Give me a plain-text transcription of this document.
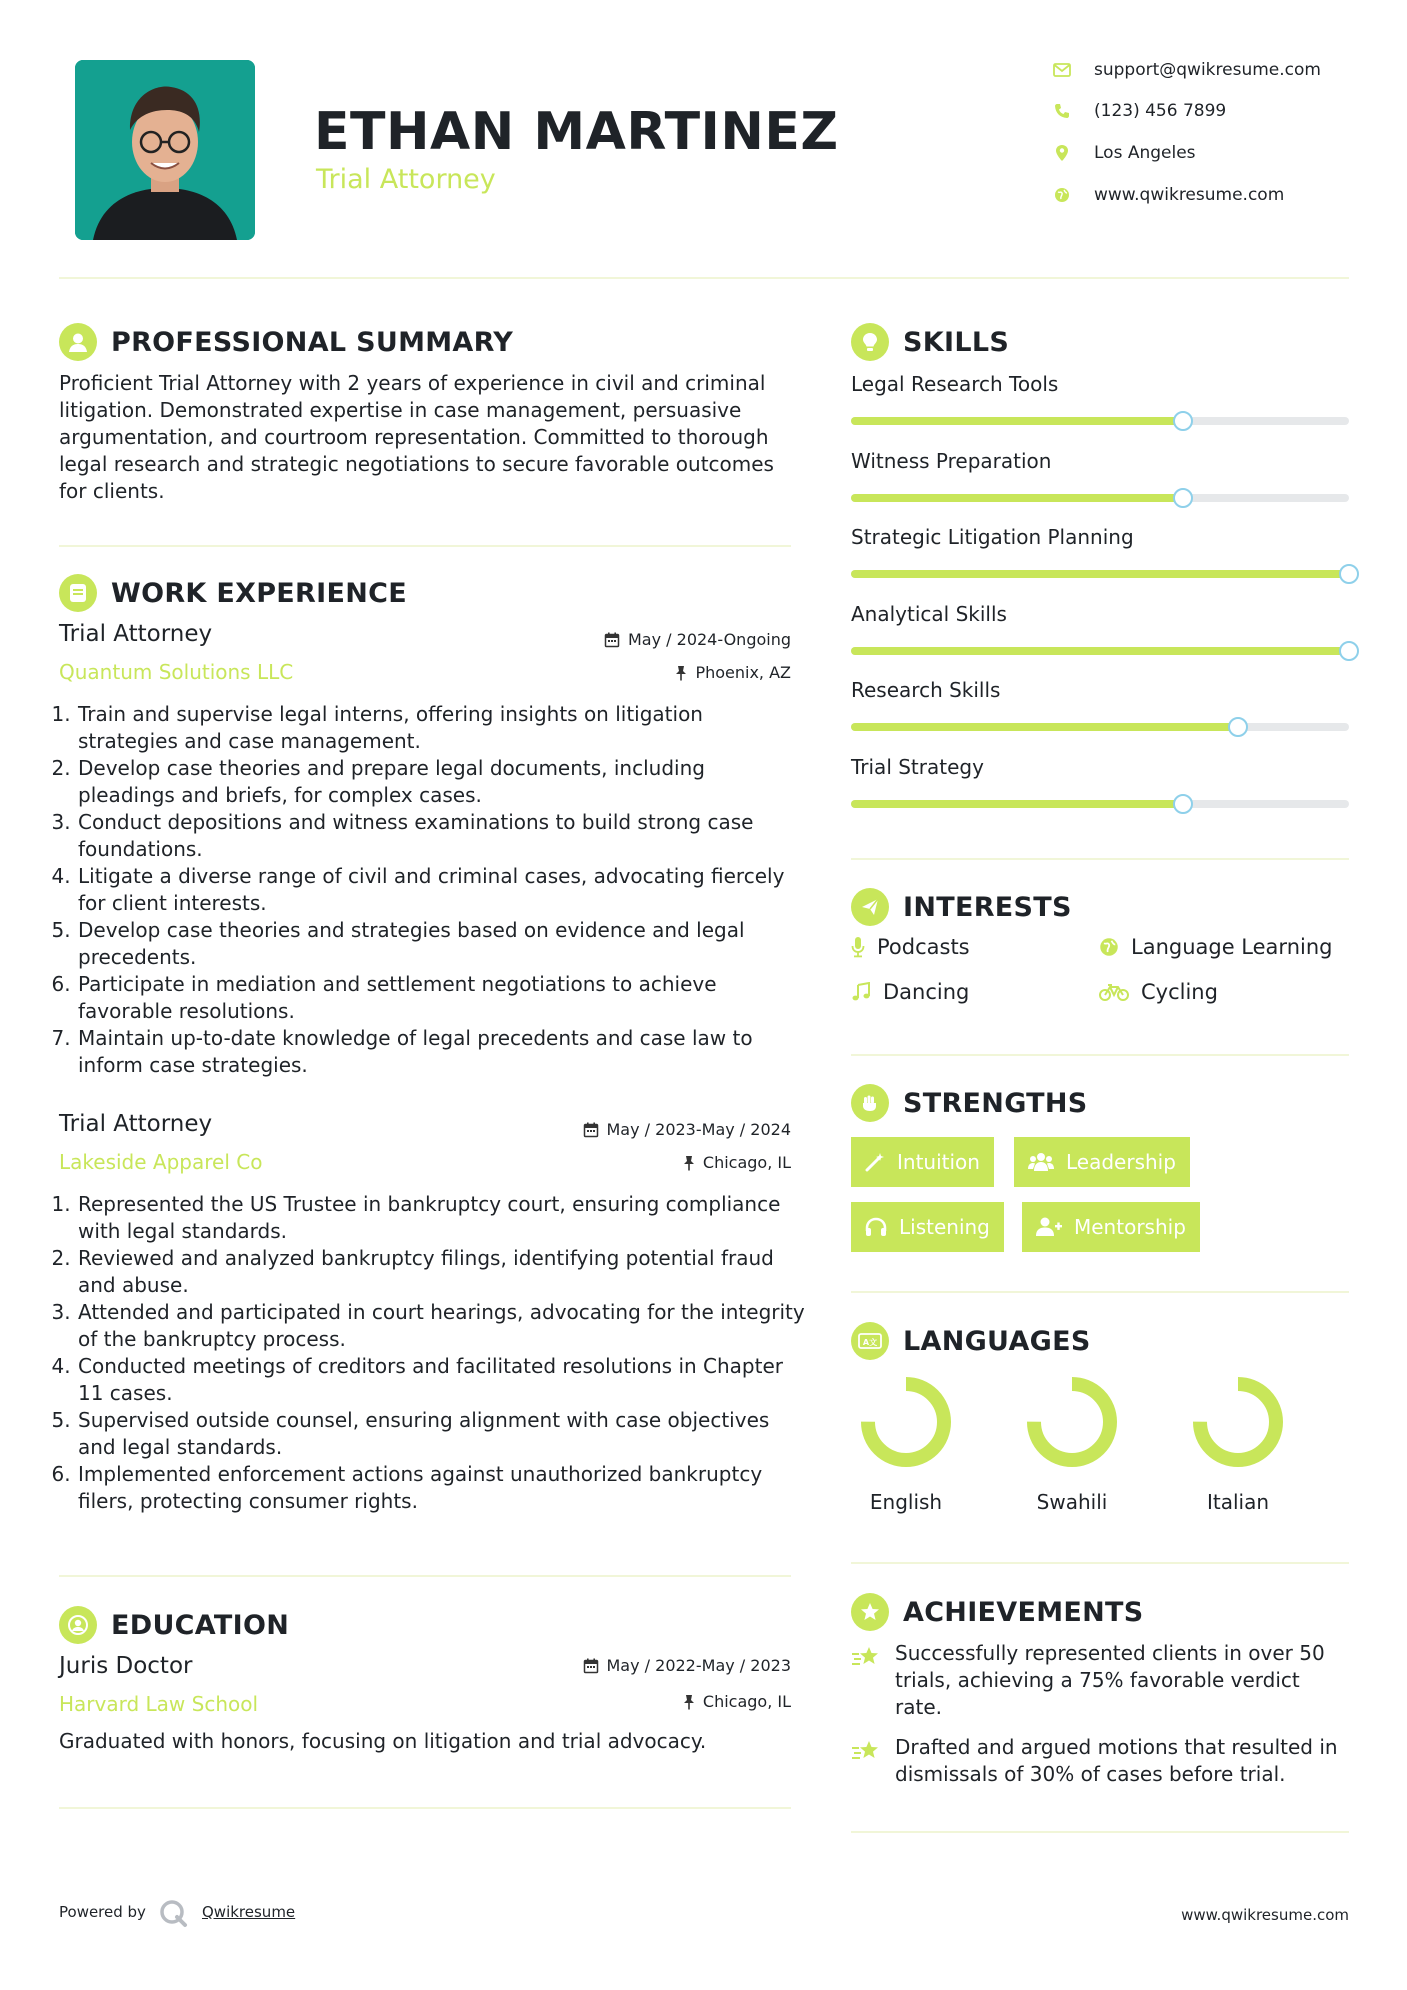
ETHAN MARTINEZ
Trial Attorney
support@qwikresume.com
(123) 456 7899
Los Angeles
www.qwikresume.com
PROFESSIONAL SUMMARY
Proficient Trial Attorney with 2 years of experience in civil and criminal litigation. Demonstrated expertise in case management, persuasive argumentation, and courtroom representation. Committed to thorough legal research and strategic negotiations to secure favorable outcomes for clients.
WORK EXPERIENCE
Trial Attorney	May / 2024-Ongoing
Quantum Solutions LLC	Phoenix, AZ
1. Train and supervise legal interns, offering insights on litigation strategies and case management.
2. Develop case theories and prepare legal documents, including pleadings and briefs, for complex cases.
3. Conduct depositions and witness examinations to build strong case foundations.
4. Litigate a diverse range of civil and criminal cases, advocating fiercely for client interests.
5. Develop case theories and strategies based on evidence and legal precedents.
6. Participate in mediation and settlement negotiations to achieve favorable resolutions.
7. Maintain up-to-date knowledge of legal precedents and case law to inform case strategies.
Trial Attorney	May / 2023-May / 2024
Lakeside Apparel Co	Chicago, IL
1. Represented the US Trustee in bankruptcy court, ensuring compliance with legal standards.
2. Reviewed and analyzed bankruptcy filings, identifying potential fraud and abuse.
3. Attended and participated in court hearings, advocating for the integrity of the bankruptcy process.
4. Conducted meetings of creditors and facilitated resolutions in Chapter 11 cases.
5. Supervised outside counsel, ensuring alignment with case objectives and legal standards.
6. Implemented enforcement actions against unauthorized bankruptcy filers, protecting consumer rights.
EDUCATION
Juris Doctor	May / 2022-May / 2023
Harvard Law School	Chicago, IL
Graduated with honors, focusing on litigation and trial advocacy.
SKILLS
Legal Research Tools
Witness Preparation
Strategic Litigation Planning
Analytical Skills
Research Skills
Trial Strategy
INTERESTS
Podcasts	Language Learning
Dancing	Cycling
STRENGTHS
Intuition	Leadership
Listening	Mentorship
A文 LANGUAGES
English	Swahili	Italian
ACHIEVEMENTS
Successfully represented clients in over 50 trials, achieving a 75% favorable verdict rate.
Drafted and argued motions that resulted in dismissals of 30% of cases before trial.
Powered by	Qwikresume	www.qwikresume.com
